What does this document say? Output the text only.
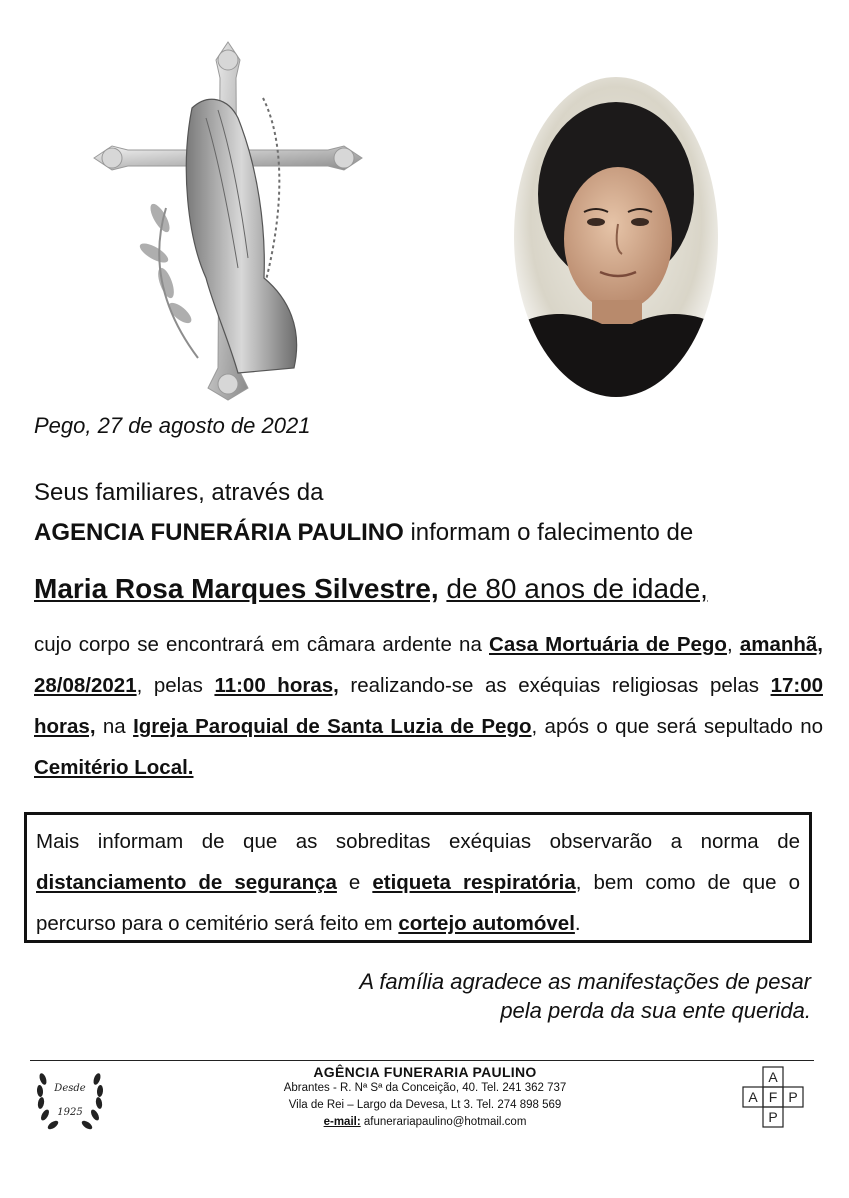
Pego, 27 de agosto de 2021
Seus familiares, através da
AGENCIA FUNERÁRIA PAULINO informam o falecimento de
Maria Rosa Marques Silvestre, de 80 anos de idade,
cujo corpo se encontrará em câmara ardente na Casa Mortuária de Pego, amanhã, 28/08/2021, pelas 11:00 horas, realizando-se as exéquias religiosas pelas 17:00 horas, na Igreja Paroquial de Santa Luzia de Pego, após o que será sepultado no Cemitério Local.
Mais informam de que as sobreditas exéquias observarão a norma de distanciamento de segurança e etiqueta respiratória, bem como de que o percurso para o cemitério será feito em cortejo automóvel.
A família agradece as manifestações de pesar
pela perda da sua ente querida.
Desde
1925
AGÊNCIA FUNERARIA PAULINO
Abrantes - R. Nª Sª da Conceição, 40. Tel. 241 362 737
Vila de Rei – Largo da Devesa, Lt 3. Tel. 274 898 569
e-mail: afunerariapaulino@hotmail.com
A
A F P
P
